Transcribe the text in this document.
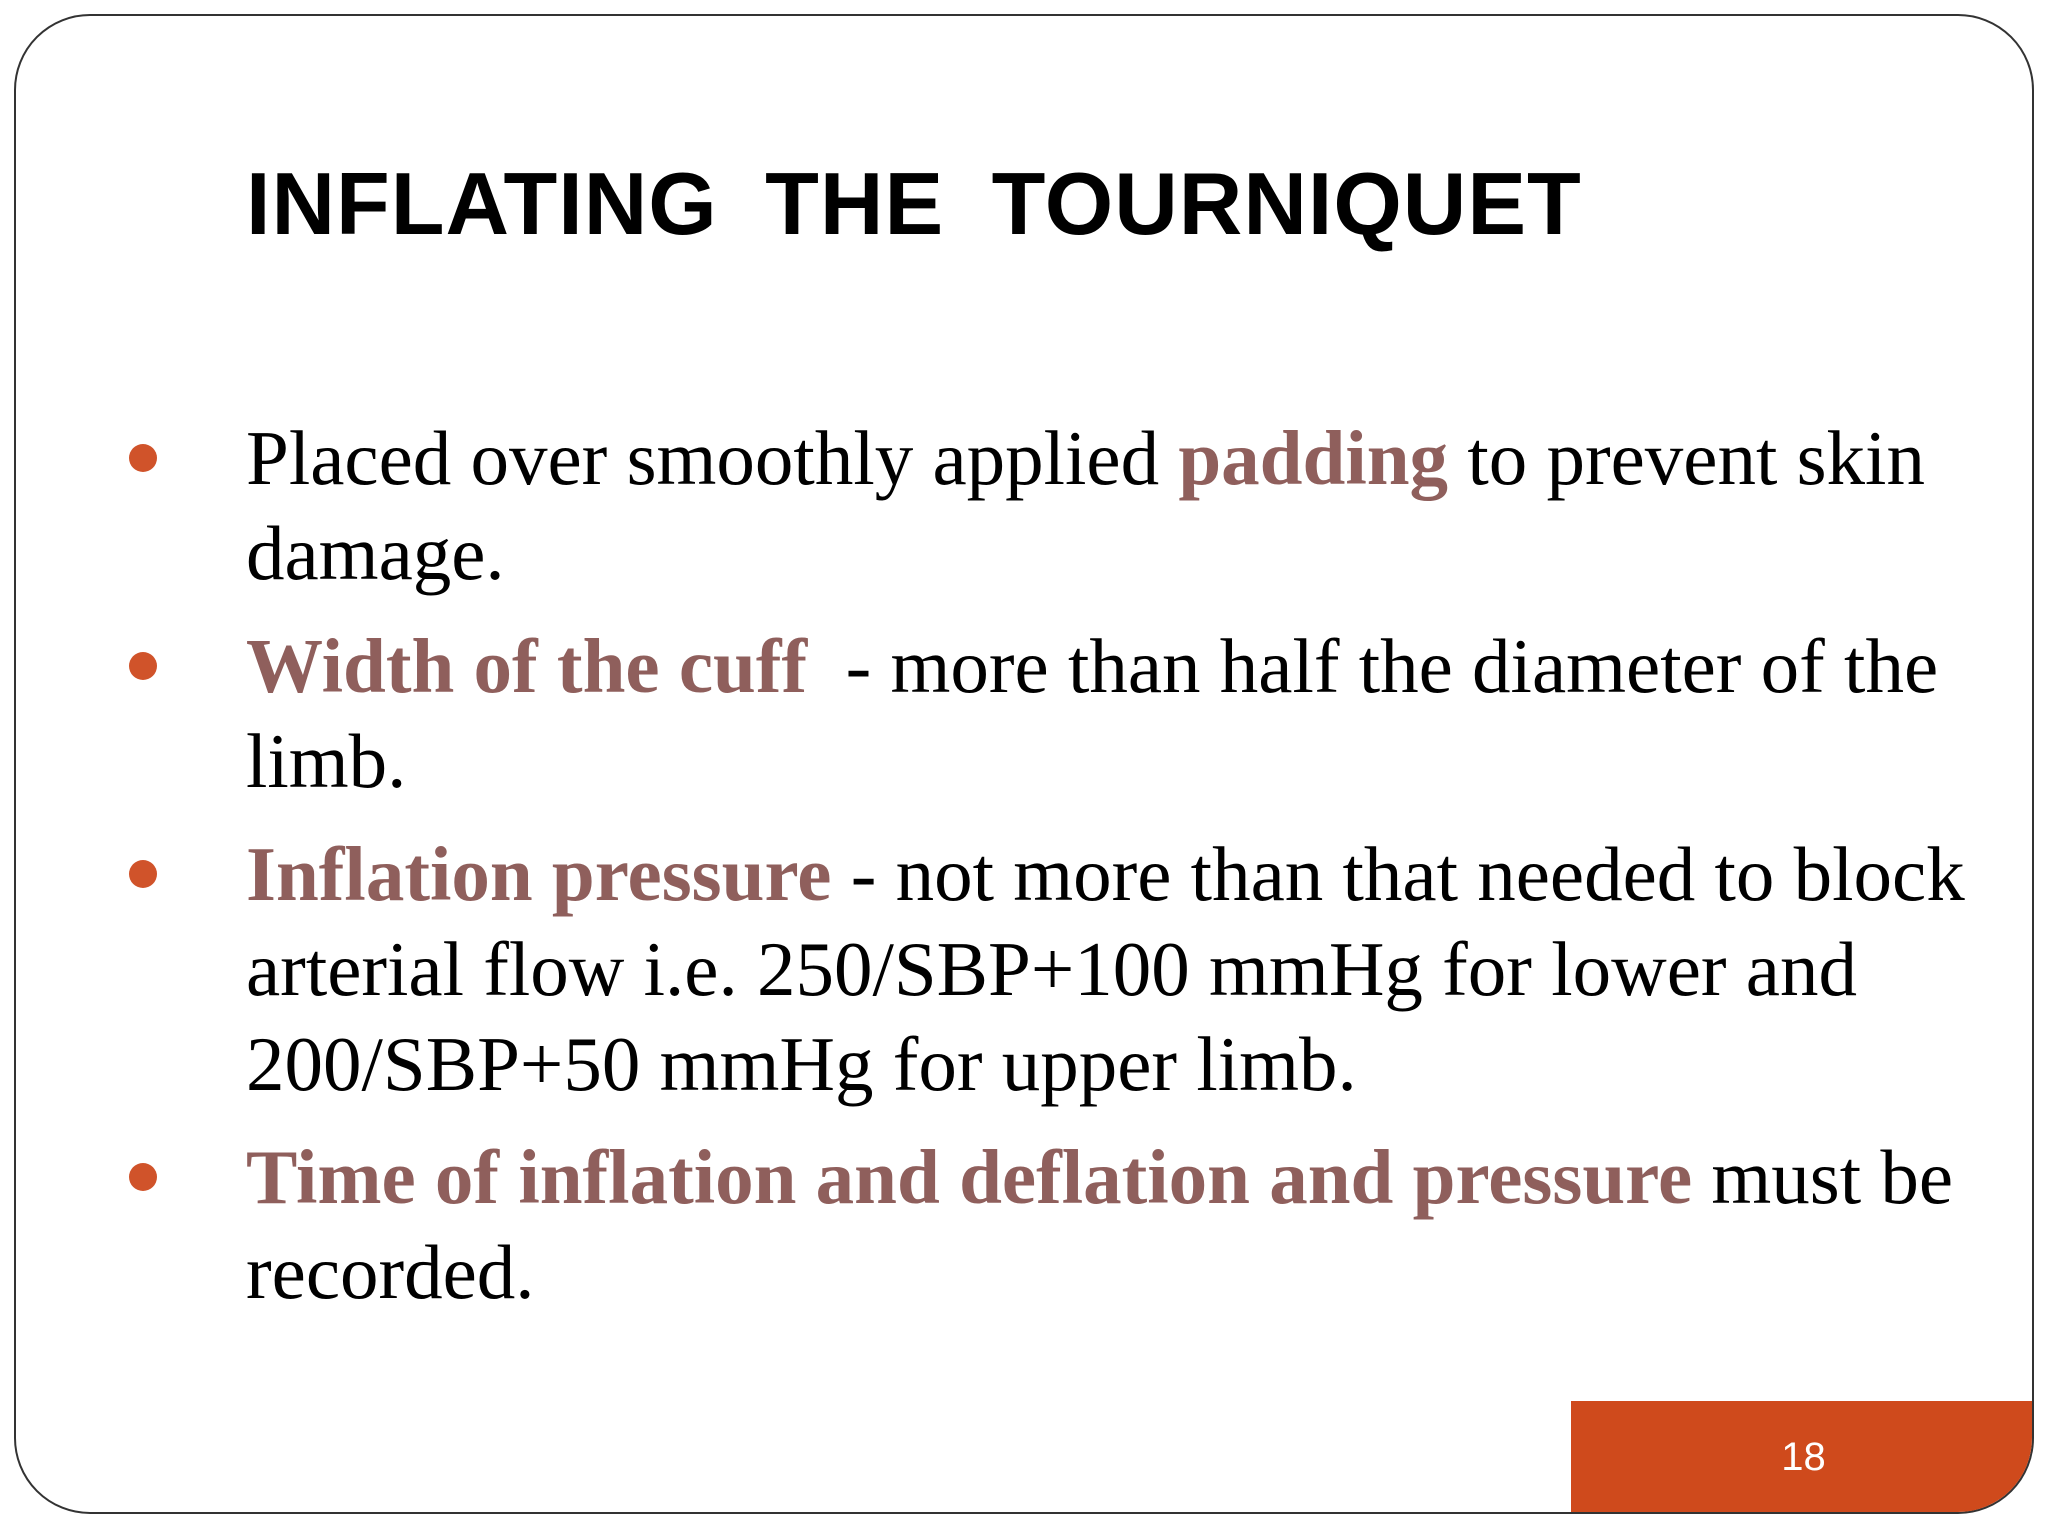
INFLATING THE TOURNIQUET
Placed over smoothly applied padding to prevent skin damage.
Width of the cuff  - more than half the diameter of the limb.
Inflation pressure - not more than that needed to block arterial flow i.e. 250/SBP+100 mmHg for lower and 200/SBP+50 mmHg for upper limb.
Time of inflation and deflation and pressure must be recorded.
18
